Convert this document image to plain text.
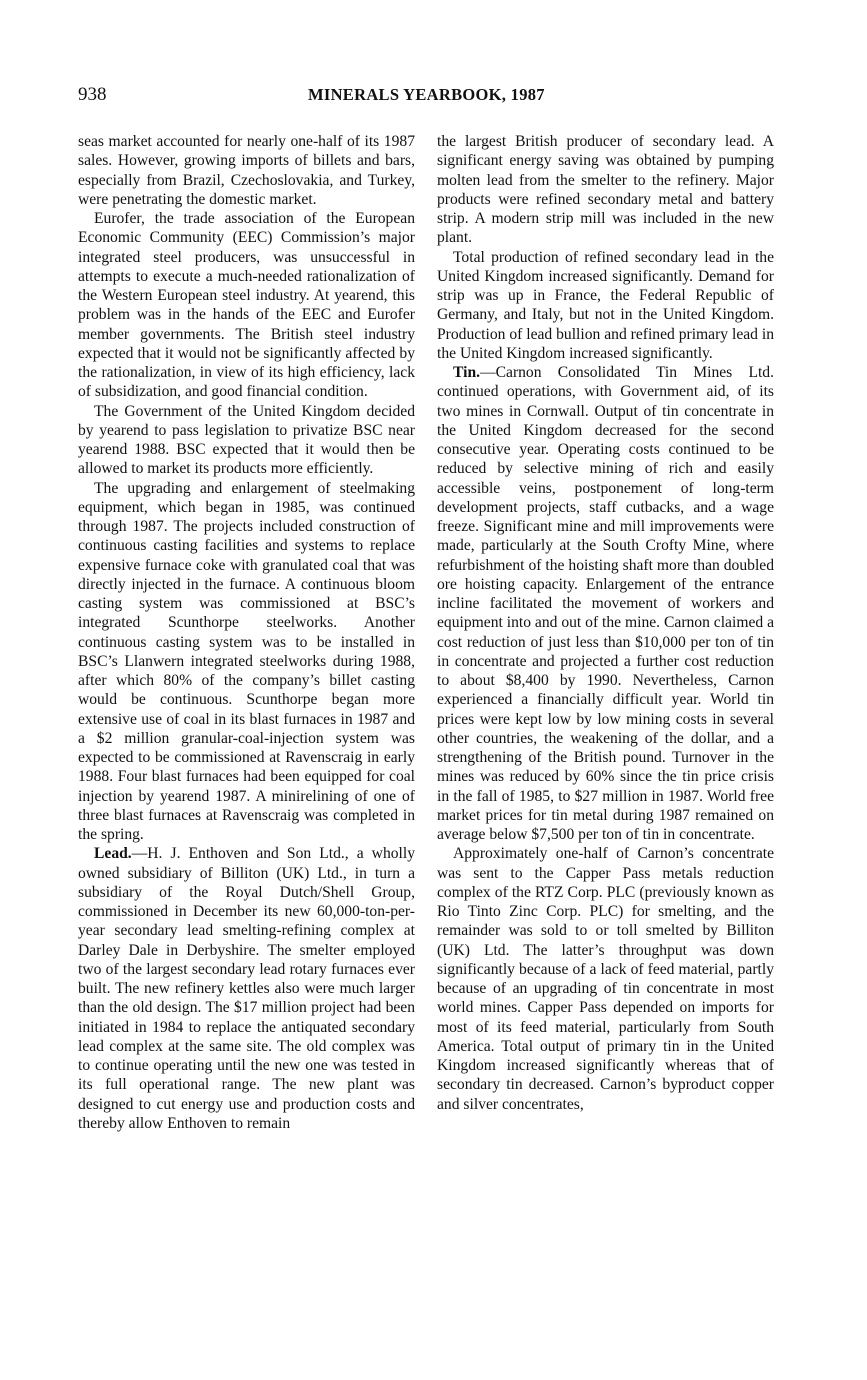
938	MINERALS YEARBOOK, 1987

seas market accounted for nearly one-half of its 1987 sales. However, growing imports of billets and bars, especially from Brazil, Czechoslovakia, and Turkey, were penetrating the domestic market.

Eurofer, the trade association of the European Economic Community (EEC) Commission’s major integrated steel producers, was unsuccessful in attempts to execute a much-needed rationalization of the Western European steel industry. At yearend, this problem was in the hands of the EEC and Eurofer member governments. The British steel industry expected that it would not be significantly affected by the rationalization, in view of its high efficiency, lack of subsidization, and good financial condition.

The Government of the United Kingdom decided by yearend to pass legislation to privatize BSC near yearend 1988. BSC expected that it would then be allowed to market its products more efficiently.

The upgrading and enlargement of steelmaking equipment, which began in 1985, was continued through 1987. The projects included construction of continuous casting facilities and systems to replace expensive furnace coke with granulated coal that was directly injected in the furnace. A continuous bloom casting system was commissioned at BSC’s integrated Scunthorpe steelworks. Another continuous casting system was to be installed in BSC’s Llanwern integrated steelworks during 1988, after which 80% of the company’s billet casting would be continuous. Scunthorpe began more extensive use of coal in its blast furnaces in 1987 and a $2 million granular-coal-injection system was expected to be commissioned at Ravenscraig in early 1988. Four blast furnaces had been equipped for coal injection by yearend 1987. A minirelining of one of three blast furnaces at Ravenscraig was completed in the spring.

Lead.—H. J. Enthoven and Son Ltd., a wholly owned subsidiary of Billiton (UK) Ltd., in turn a subsidiary of the Royal Dutch/Shell Group, commissioned in December its new 60,000-ton-per-year secondary lead smelting-refining complex at Darley Dale in Derbyshire. The smelter employed two of the largest secondary lead rotary furnaces ever built. The new refinery kettles also were much larger than the old design. The $17 million project had been initiated in 1984 to replace the antiquated secondary lead complex at the same site. The old complex was to continue operating until the new one was tested in its full operational range. The new plant was designed to cut energy use and production costs and thereby allow Enthoven to remain

the largest British producer of secondary lead. A significant energy saving was obtained by pumping molten lead from the smelter to the refinery. Major products were refined secondary metal and battery strip. A modern strip mill was included in the new plant.

Total production of refined secondary lead in the United Kingdom increased significantly. Demand for strip was up in France, the Federal Republic of Germany, and Italy, but not in the United Kingdom. Production of lead bullion and refined primary lead in the United Kingdom increased significantly.

Tin.—Carnon Consolidated Tin Mines Ltd. continued operations, with Government aid, of its two mines in Cornwall. Output of tin concentrate in the United Kingdom decreased for the second consecutive year. Operating costs continued to be reduced by selective mining of rich and easily accessible veins, postponement of long-term development projects, staff cutbacks, and a wage freeze. Significant mine and mill improvements were made, particularly at the South Crofty Mine, where refurbishment of the hoisting shaft more than doubled ore hoisting capacity. Enlargement of the entrance incline facilitated the movement of workers and equipment into and out of the mine. Carnon claimed a cost reduction of just less than $10,000 per ton of tin in concentrate and projected a further cost reduction to about $8,400 by 1990. Nevertheless, Carnon experienced a financially difficult year. World tin prices were kept low by low mining costs in several other countries, the weakening of the dollar, and a strengthening of the British pound. Turnover in the mines was reduced by 60% since the tin price crisis in the fall of 1985, to $27 million in 1987. World free market prices for tin metal during 1987 remained on average below $7,500 per ton of tin in concentrate.

Approximately one-half of Carnon’s concentrate was sent to the Capper Pass metals reduction complex of the RTZ Corp. PLC (previously known as Rio Tinto Zinc Corp. PLC) for smelting, and the remainder was sold to or toll smelted by Billiton (UK) Ltd. The latter’s throughput was down significantly because of a lack of feed material, partly because of an upgrading of tin concentrate in most world mines. Capper Pass depended on imports for most of its feed material, particularly from South America. Total output of primary tin in the United Kingdom increased significantly whereas that of secondary tin decreased. Carnon’s byproduct copper and silver concentrates,
